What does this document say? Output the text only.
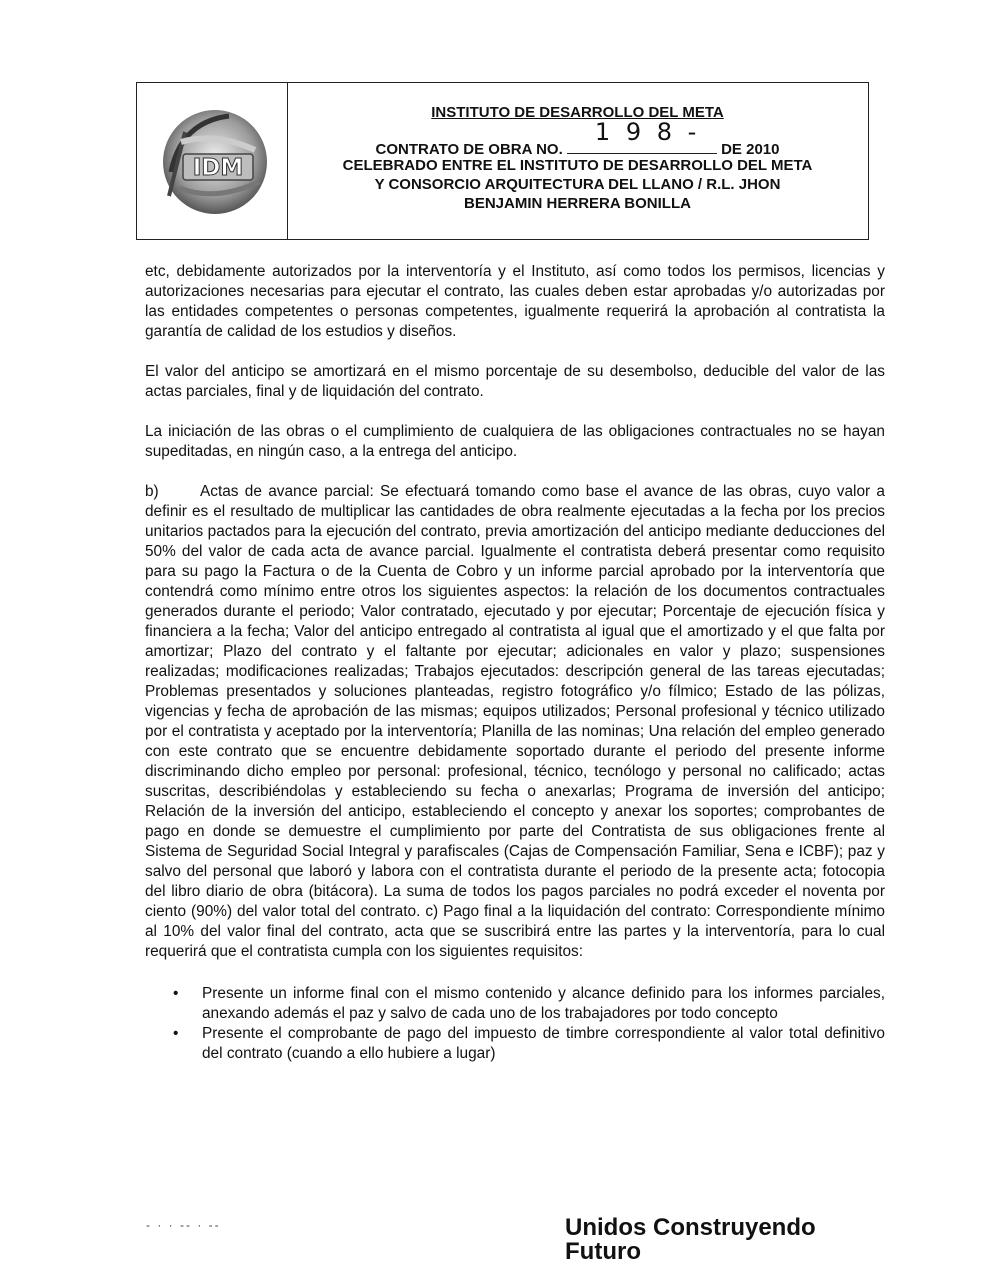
IDM
INSTITUTO DE DESARROLLO DEL META
CONTRATO DE OBRA NO.
1 9 8 -
DE 2010
CELEBRADO ENTRE EL INSTITUTO DE DESARROLLO DEL META
Y CONSORCIO ARQUITECTURA DEL LLANO / R.L. JHON
BENJAMIN HERRERA BONILLA

etc, debidamente autorizados por la interventoría y el Instituto, así como todos los permisos, licencias y autorizaciones necesarias para ejecutar el contrato, las cuales deben estar aprobadas y/o autorizadas por las entidades competentes o personas competentes, igualmente requerirá la aprobación al contratista la garantía de calidad de los estudios y diseños.

El valor del anticipo se amortizará en el mismo porcentaje de su desembolso, deducible del valor de las actas parciales, final y de liquidación del contrato.

La iniciación de las obras o el cumplimiento de cualquiera de las obligaciones contractuales no se hayan supeditadas, en ningún caso, a la entrega del anticipo.

b)	Actas de avance parcial: Se efectuará tomando como base el avance de las obras, cuyo valor a definir es el resultado de multiplicar las cantidades de obra realmente ejecutadas a la fecha por los precios unitarios pactados para la ejecución del contrato, previa amortización del anticipo mediante deducciones del 50% del valor de cada acta de avance parcial. Igualmente el contratista deberá presentar como requisito para su pago la Factura o de la Cuenta de Cobro y un informe parcial aprobado por la interventoría que contendrá como mínimo entre otros los siguientes aspectos: la relación de los documentos contractuales generados durante el periodo; Valor contratado, ejecutado y por ejecutar; Porcentaje de ejecución física y financiera a la fecha; Valor del anticipo entregado al contratista al igual que el amortizado y el que falta por amortizar; Plazo del contrato y el faltante por ejecutar; adicionales en valor y plazo; suspensiones realizadas; modificaciones realizadas; Trabajos ejecutados: descripción general de las tareas ejecutadas; Problemas presentados y soluciones planteadas, registro fotográfico y/o fílmico; Estado de las pólizas, vigencias y fecha de aprobación de las mismas; equipos utilizados; Personal profesional y técnico utilizado por el contratista y aceptado por la interventoría; Planilla de las nominas; Una relación del empleo generado con este contrato que se encuentre debidamente soportado durante el periodo del presente informe discriminando dicho empleo por personal: profesional, técnico, tecnólogo y personal no calificado; actas suscritas, describiéndolas y estableciendo su fecha o anexarlas; Programa de inversión del anticipo; Relación de la inversión del anticipo, estableciendo el concepto y anexar los soportes; comprobantes de pago en donde se demuestre el cumplimiento por parte del Contratista de sus obligaciones frente al Sistema de Seguridad Social Integral y parafiscales (Cajas de Compensación Familiar, Sena e ICBF); paz y salvo del personal que laboró y labora con el contratista durante el periodo de la presente acta; fotocopia del libro diario de obra (bitácora). La suma de todos los pagos parciales no podrá exceder el noventa por ciento (90%) del valor total del contrato. c) Pago final a la liquidación del contrato: Correspondiente mínimo al 10% del valor final del contrato, acta que se suscribirá entre las partes y la interventoría, para lo cual requerirá que el contratista cumpla con los siguientes requisitos:

• Presente un informe final con el mismo contenido y alcance definido para los informes parciales, anexando además el paz y salvo de cada uno de los trabajadores por todo concepto
• Presente el comprobante de pago del impuesto de timbre correspondiente al valor total definitivo del contrato (cuando a ello hubiere a lugar)
- · · -- · --	Unidos Construyendo Futuro
